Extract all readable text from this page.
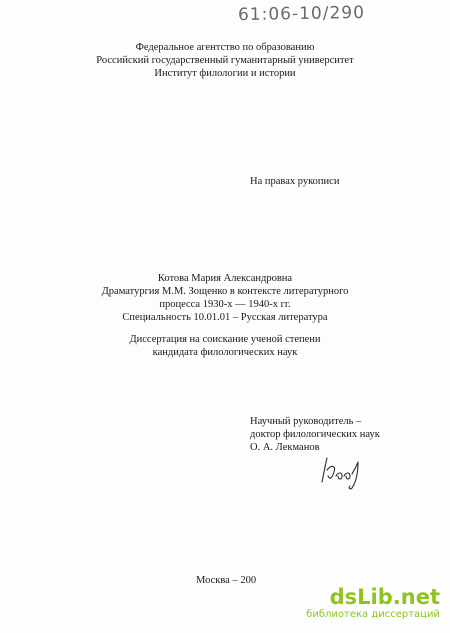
61:06-10/290
Федеральное агентство по образованию
Российский государственный гуманитарный университет
Институт филологии и истории
На правах рукописи
Котова Мария Александровна
Драматургия М.М. Зощенко в контексте литературного
процесса 1930-х — 1940-х гг.
Специальность 10.01.01 – Русская литература
Диссертация на соискание ученой степени
кандидата филологических наук
Научный руководитель –
доктор филологических наук
О. А. Лекманов
Москва – 200
dsLib.net
библиотека диссертаций
